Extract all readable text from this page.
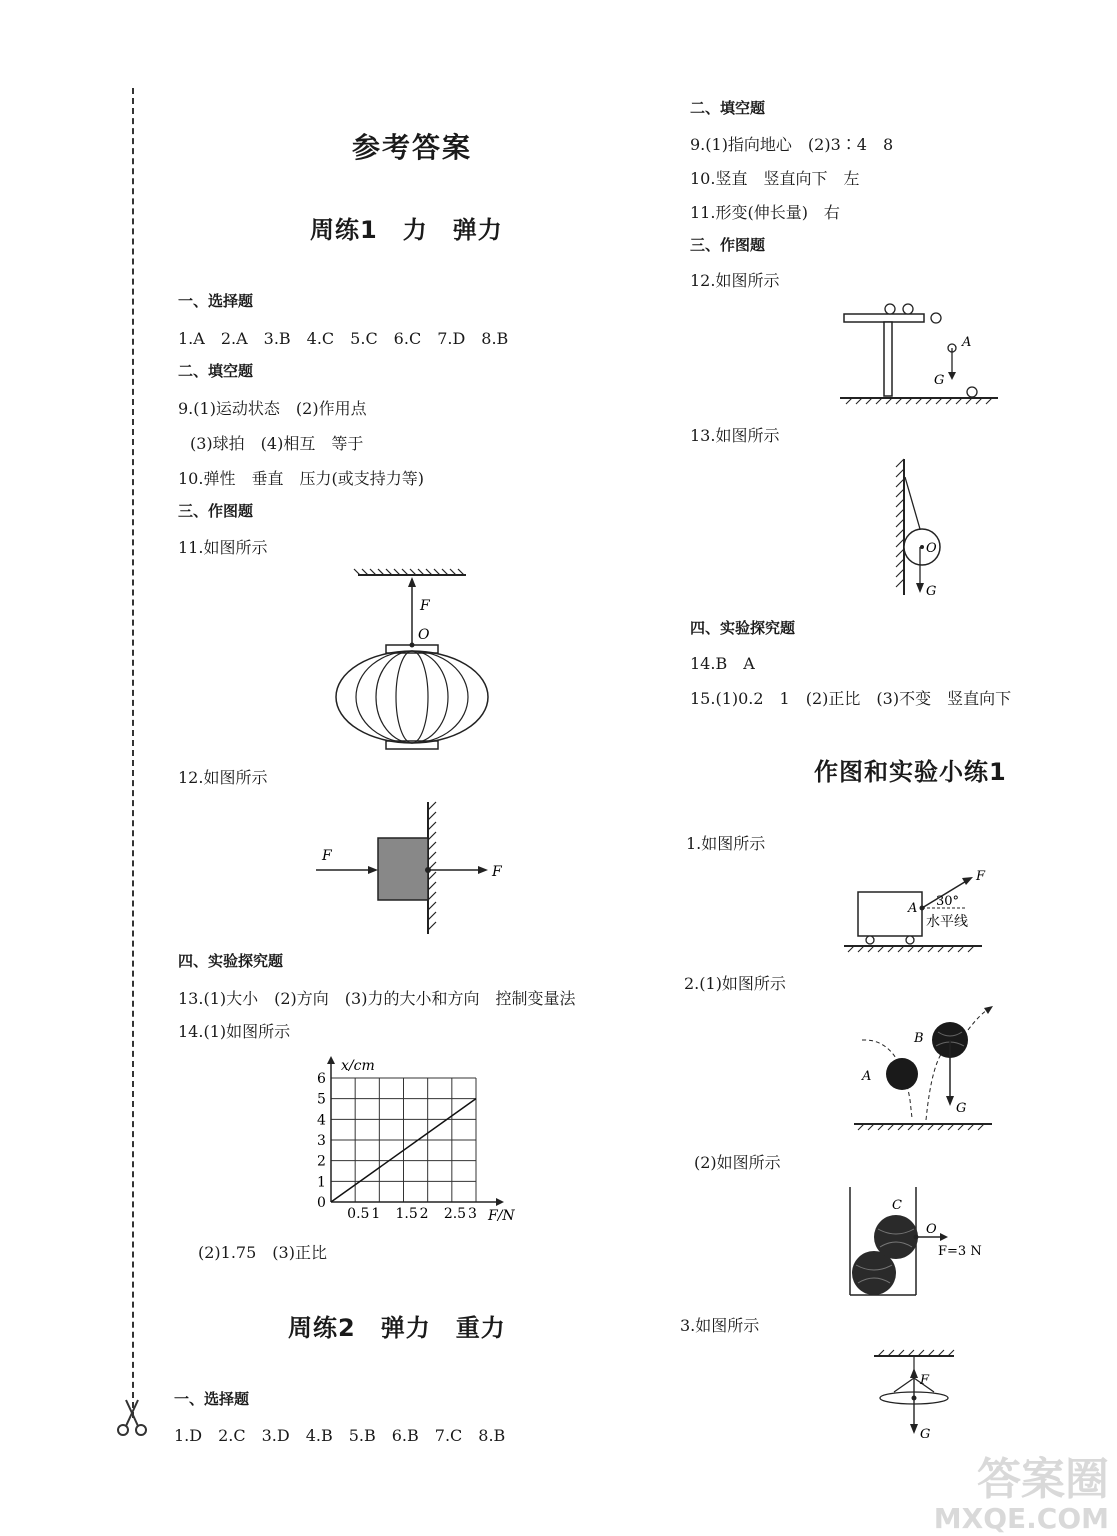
参考答案
周练1　力　弹力
一、选择题
1.A　2.A　3.B　4.C　5.C　6.C　7.D　8.B
二、填空题
9.(1)运动状态　(2)作用点
(3)球拍　(4)相互　等于
10.弹性　垂直　压力(或支持力等)
三、作图题
11.如图所示
F
O
12.如图所示
F
F
四、实验探究题
13.(1)大小　(2)方向　(3)力的大小和方向　控制变量法
14.(1)如图所示
0.5 1 1.5 2 2.5 3
0
1
2
3
4
5
6
F/N
x/cm
(2)1.75　(3)正比
周练2　弹力　重力
一、选择题
1.D　2.C　3.D　4.B　5.B　6.B　7.C　8.B
二、填空题
9.(1)指向地心　(2)3∶4　8
10.竖直　竖直向下　左
11.形变(伸长量)　右
三、作图题
12.如图所示
A
G
13.如图所示
O
G
四、实验探究题
14.B　A
15.(1)0.2　1　(2)正比　(3)不变　竖直向下
作图和实验小练1
1.如图所示
F
A 30°
水平线
2.(1)如图所示
A
B
G
(2)如图所示
C
O
F=3 N
3.如图所示
F
G
答案圈
MXQE.COM
